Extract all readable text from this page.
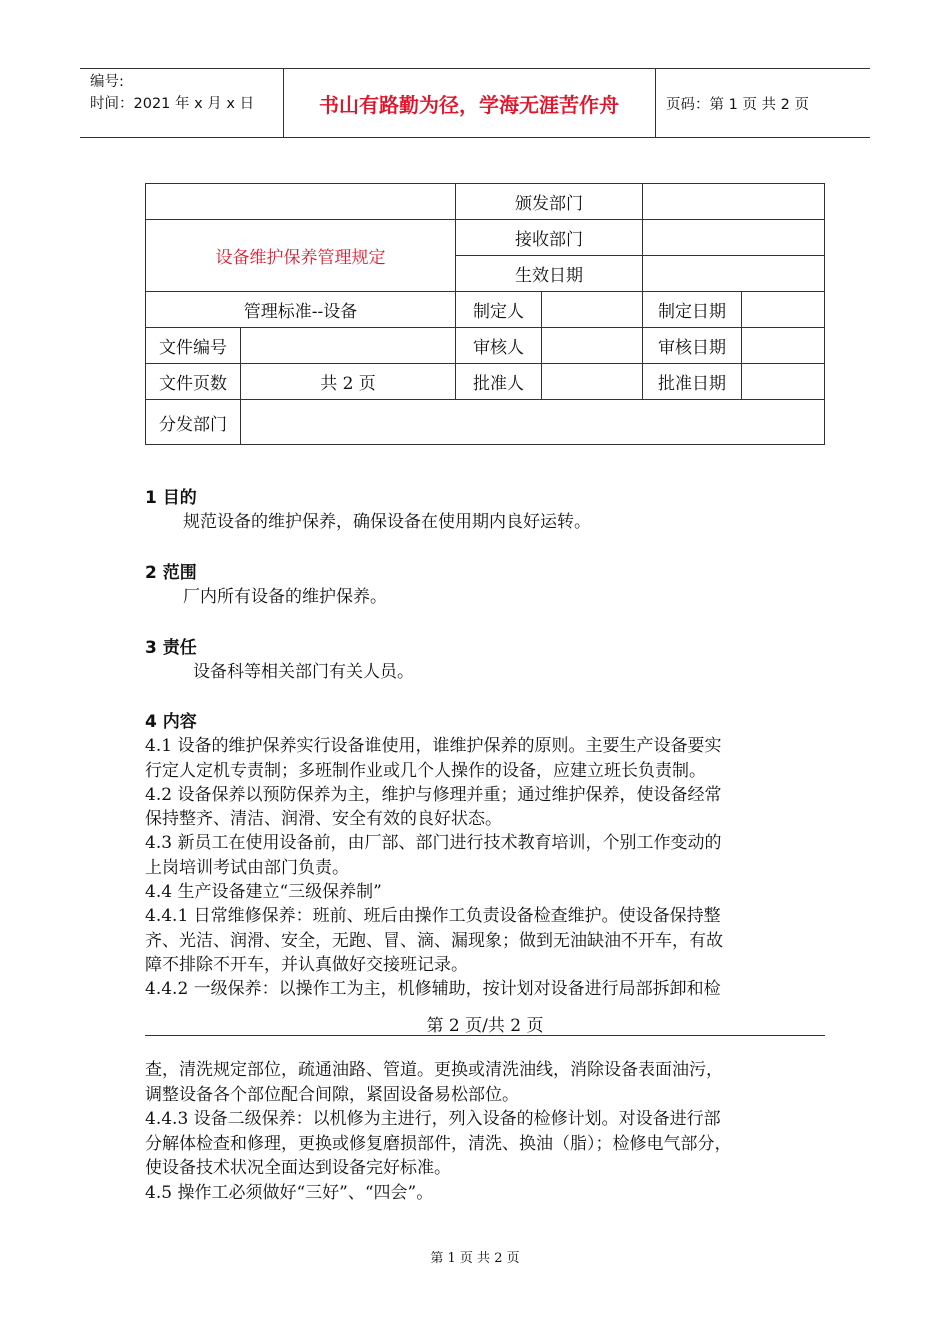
编号:
时间：2021 年 x 月 x 日	书山有路勤为径，学海无涯苦作舟	页码：第 1 页 共 2 页
		颁发部门			
设备维护保养管理规定		接收部门			
		生效日期			
管理标准--设备		制定人		制定日期	
文件编号		审核人		审核日期	
文件页数	共 2 页	批准人		批准日期	
分发部门					

1 目的

规范设备的维护保养，确保设备在使用期内良好运转。

2 范围

厂内所有设备的维护保养。

3 责任

设备科等相关部门有关人员。

4 内容

4.1 设备的维护保养实行设备谁使用，谁维护保养的原则。主要生产设备要实

行定人定机专责制；多班制作业或几个人操作的设备，应建立班长负责制。

4.2 设备保养以预防保养为主，维护与修理并重；通过维护保养，使设备经常

保持整齐、清洁、润滑、安全有效的良好状态。

4.3 新员工在使用设备前，由厂部、部门进行技术教育培训，个别工作变动的

上岗培训考试由部门负责。

4.4 生产设备建立“三级保养制”

4.4.1 日常维修保养：班前、班后由操作工负责设备检查维护。使设备保持整

齐、光洁、润滑、安全，无跑、冒、滴、漏现象；做到无油缺油不开车，有故

障不排除不开车，并认真做好交接班记录。

4.4.2 一级保养：以操作工为主，机修辅助，按计划对设备进行局部拆卸和检

第 2 页/共 2 页

查，清洗规定部位，疏通油路、管道。更换或清洗油线，消除设备表面油污，

调整设备各个部位配合间隙，紧固设备易松部位。

4.4.3 设备二级保养：以机修为主进行，列入设备的检修计划。对设备进行部

分解体检查和修理，更换或修复磨损部件，清洗、换油（脂）；检修电气部分，

使设备技术状况全面达到设备完好标准。

4.5 操作工必须做好“三好”、“四会”。

第 1 页 共 2 页
